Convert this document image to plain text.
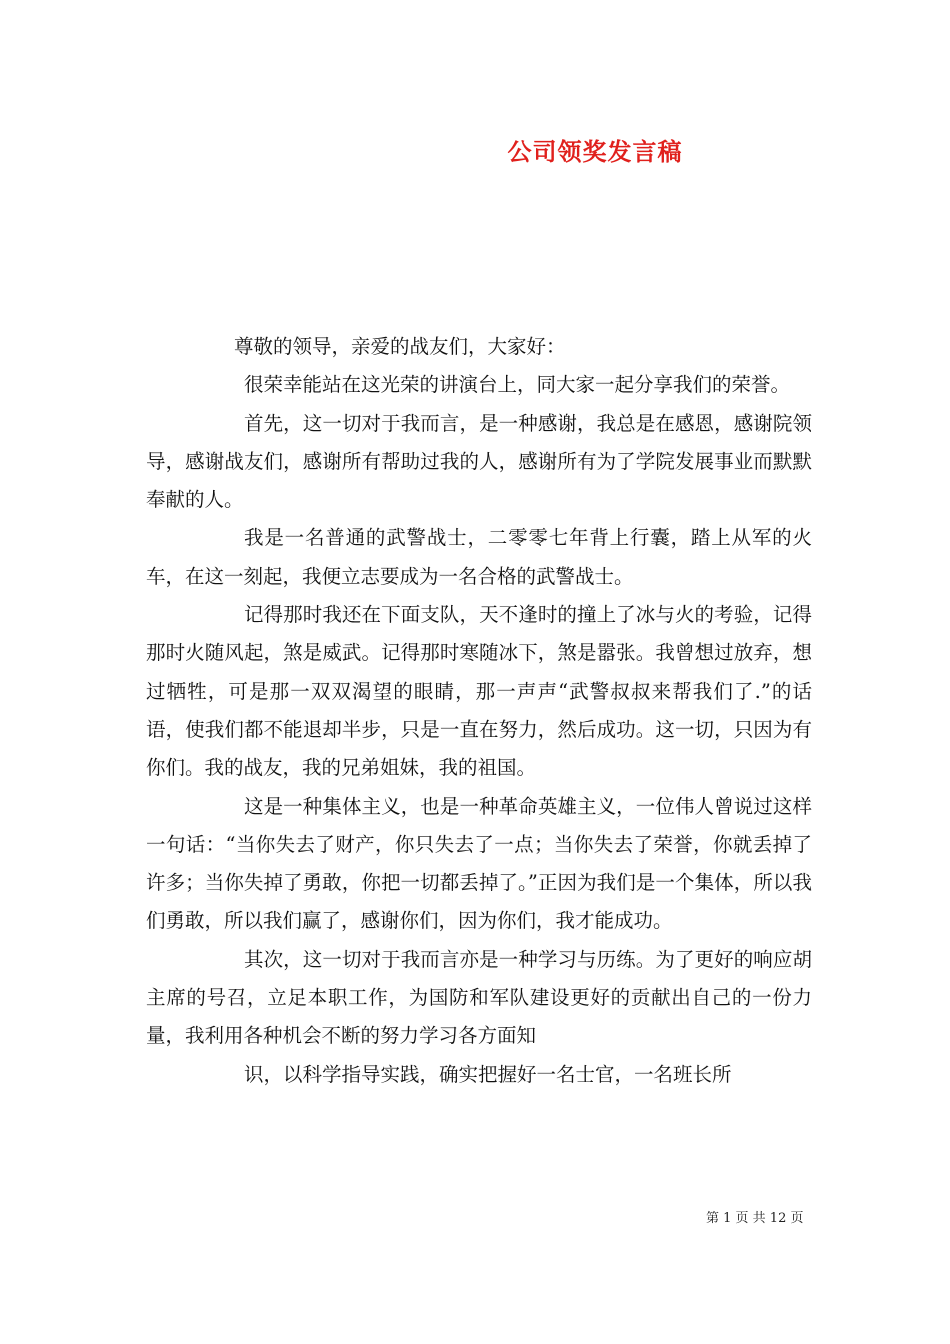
公司领奖发言稿

尊敬的领导，亲爱的战友们，大家好：

很荣幸能站在这光荣的讲演台上，同大家一起分享我们的荣誉。

首先，这一切对于我而言，是一种感谢，我总是在感恩，感谢院领导，感谢战友们，感谢所有帮助过我的人，感谢所有为了学院发展事业而默默奉献的人。

我是一名普通的武警战士，二零零七年背上行囊，踏上从军的火车，在这一刻起，我便立志要成为一名合格的武警战士。

记得那时我还在下面支队，天不逢时的撞上了冰与火的考验，记得那时火随风起，煞是威武。记得那时寒随冰下，煞是嚣张。我曾想过放弃，想过牺牲，可是那一双双渴望的眼睛，那一声声“武警叔叔来帮我们了.”的话语，使我们都不能退却半步，只是一直在努力，然后成功。这一切，只因为有你们。我的战友，我的兄弟姐妹，我的祖国。

这是一种集体主义，也是一种革命英雄主义，一位伟人曾说过这样一句话：“当你失去了财产，你只失去了一点；当你失去了荣誉，你就丢掉了许多；当你失掉了勇敢，你把一切都丢掉了。”正因为我们是一个集体，所以我们勇敢，所以我们赢了，感谢你们，因为你们，我才能成功。

其次，这一切对于我而言亦是一种学习与历练。为了更好的响应胡主席的号召，立足本职工作，为国防和军队建设更好的贡献出自己的一份力量，我利用各种机会不断的努力学习各方面知

识，以科学指导实践，确实把握好一名士官，一名班长所

第 1 页 共 12 页
